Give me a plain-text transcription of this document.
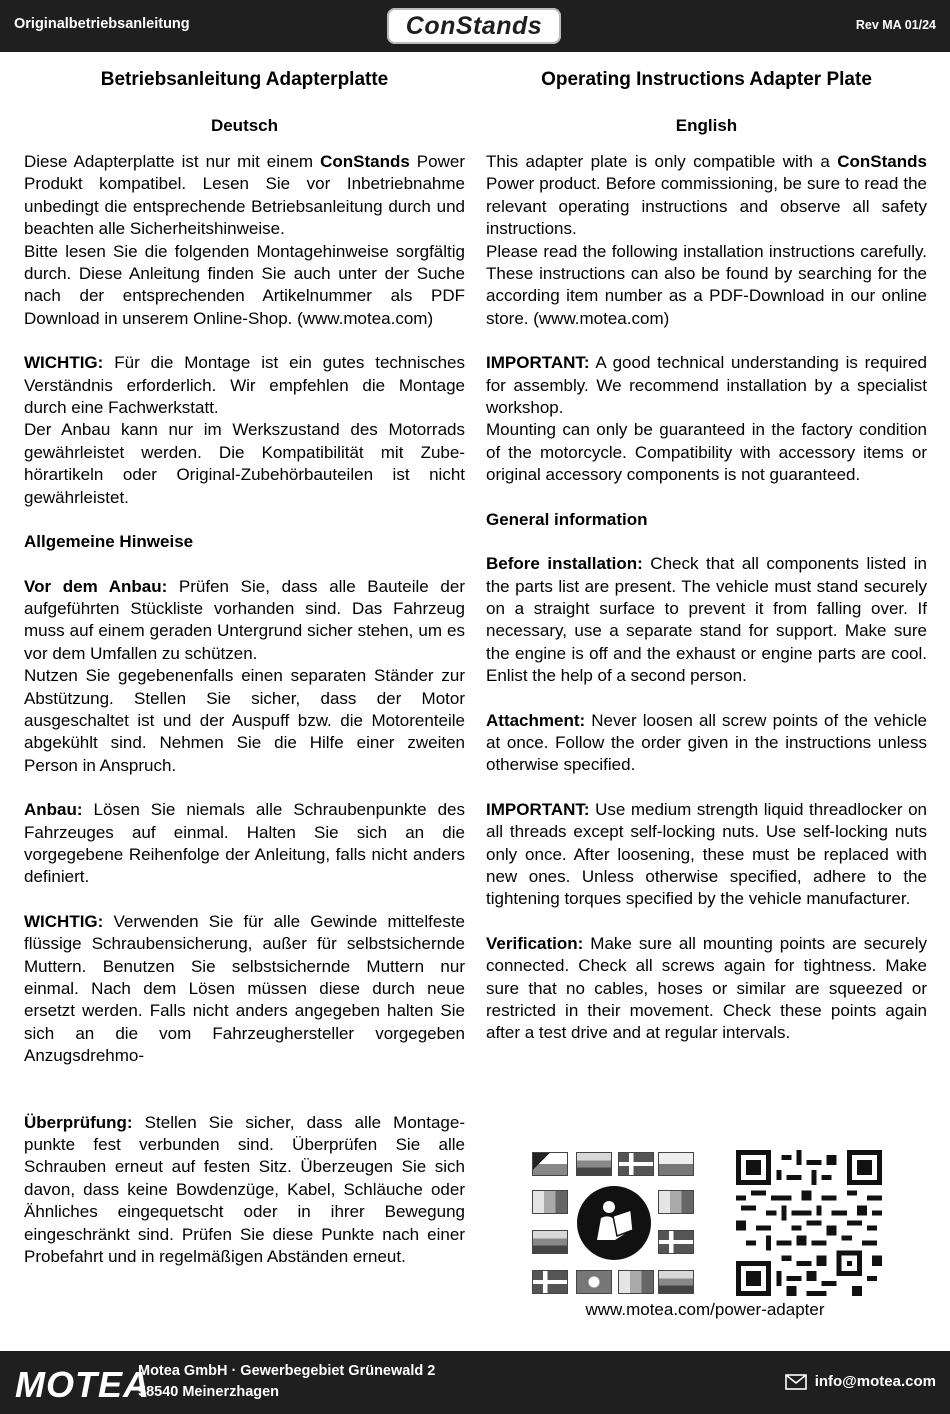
Originalbetriebsanleitung	ConStands	Rev MA 01/24
Betriebsanleitung Adapterplatte
Deutsch

Diese Adapterplatte ist nur mit einem ConStands Power Produkt kompatibel. Lesen Sie vor Inbetriebnahme unbedingt die entsprechende Betriebsanleitung durch und beachten alle Sicherheitshinweise.

Bitte lesen Sie die folgenden Montagehinweise sorgfältig durch. Diese Anleitung finden Sie auch unter der Suche nach der entsprechenden Artikelnummer als PDF Download in unserem Online-Shop. (www.motea.com)

WICHTIG: Für die Montage ist ein gutes technisches Verständnis erforderlich. Wir empfehlen die Montage durch eine Fachwerkstatt.

Der Anbau kann nur im Werkszustand des Motorrads gewährleistet werden. Die Kompatibilität mit Zubehörartikeln oder Original-Zubehörbauteilen ist nicht gewährleistet.

Allgemeine Hinweise

Vor dem Anbau: Prüfen Sie, dass alle Bauteile der aufgeführten Stückliste vorhanden sind. Das Fahrzeug muss auf einem geraden Untergrund sicher stehen, um es vor dem Umfallen zu schützen.

Nutzen Sie gegebenenfalls einen separaten Ständer zur Abstützung. Stellen Sie sicher, dass der Motor ausgeschaltet ist und der Auspuff bzw. die Motorenteile abgekühlt sind. Nehmen Sie die Hilfe einer zweiten Person in Anspruch.

Anbau: Lösen Sie niemals alle Schraubenpunkte des Fahrzeuges auf einmal. Halten Sie sich an die vorgegebene Reihenfolge der Anleitung, falls nicht anders definiert.

WICHTIG: Verwenden Sie für alle Gewinde mittelfeste flüssige Schraubensicherung, außer für selbstsichernde Muttern. Benutzen Sie selbstsichernde Muttern nur einmal. Nach dem Lösen müssen diese durch neue ersetzt werden. Falls nicht anders angegeben halten Sie sich an die vom Fahrzeughersteller vorgegeben Anzugsdrehmo-

Überprüfung: Stellen Sie sicher, dass alle Montagepunkte fest verbunden sind. Überprüfen Sie alle Schrauben erneut auf festen Sitz. Überzeugen Sie sich davon, dass keine Bowdenzüge, Kabel, Schläuche oder Ähnliches eingequetscht oder in ihrer Bewegung eingeschränkt sind. Prüfen Sie diese Punkte nach einer Probefahrt und in regelmäßigen Abständen erneut.

Operating Instructions Adapter Plate
English

This adapter plate is only compatible with a ConStands Power product. Before commissioning, be sure to read the relevant operating instructions and observe all safety instructions.

Please read the following installation instructions carefully. These instructions can also be found by searching for the according item number as a PDF-Download in our online store. (www.motea.com)

IMPORTANT: A good technical understanding is required for assembly. We recommend installation by a specialist workshop.

Mounting can only be guaranteed in the factory condition of the motorcycle. Compatibility with accessory items or original accessory components is not guaranteed.

General information

Before installation: Check that all components listed in the parts list are present. The vehicle must stand securely on a straight surface to prevent it from falling over. If necessary, use a separate stand for support. Make sure the engine is off and the exhaust or engine parts are cool. Enlist the help of a second person.

Attachment: Never loosen all screw points of the vehicle at once. Follow the order given in the instructions unless otherwise specified.

IMPORTANT: Use medium strength liquid threadlocker on all threads except self-locking nuts. Use self-locking nuts only once. After loosening, these must be replaced with new ones. Unless otherwise specified, adhere to the tightening torques specified by the vehicle manufacturer.

Verification: Make sure all mounting points are securely connected. Check all screws again for tightness. Make sure that no cables, hoses or similar are squeezed or restricted in their movement. Check these points again after a test drive and at regular intervals.

www.motea.com/power-adapter
MOTEA
Motea GmbH · Gewerbegebiet Grünewald 2
58540 Meinerzhagen
info@motea.com
